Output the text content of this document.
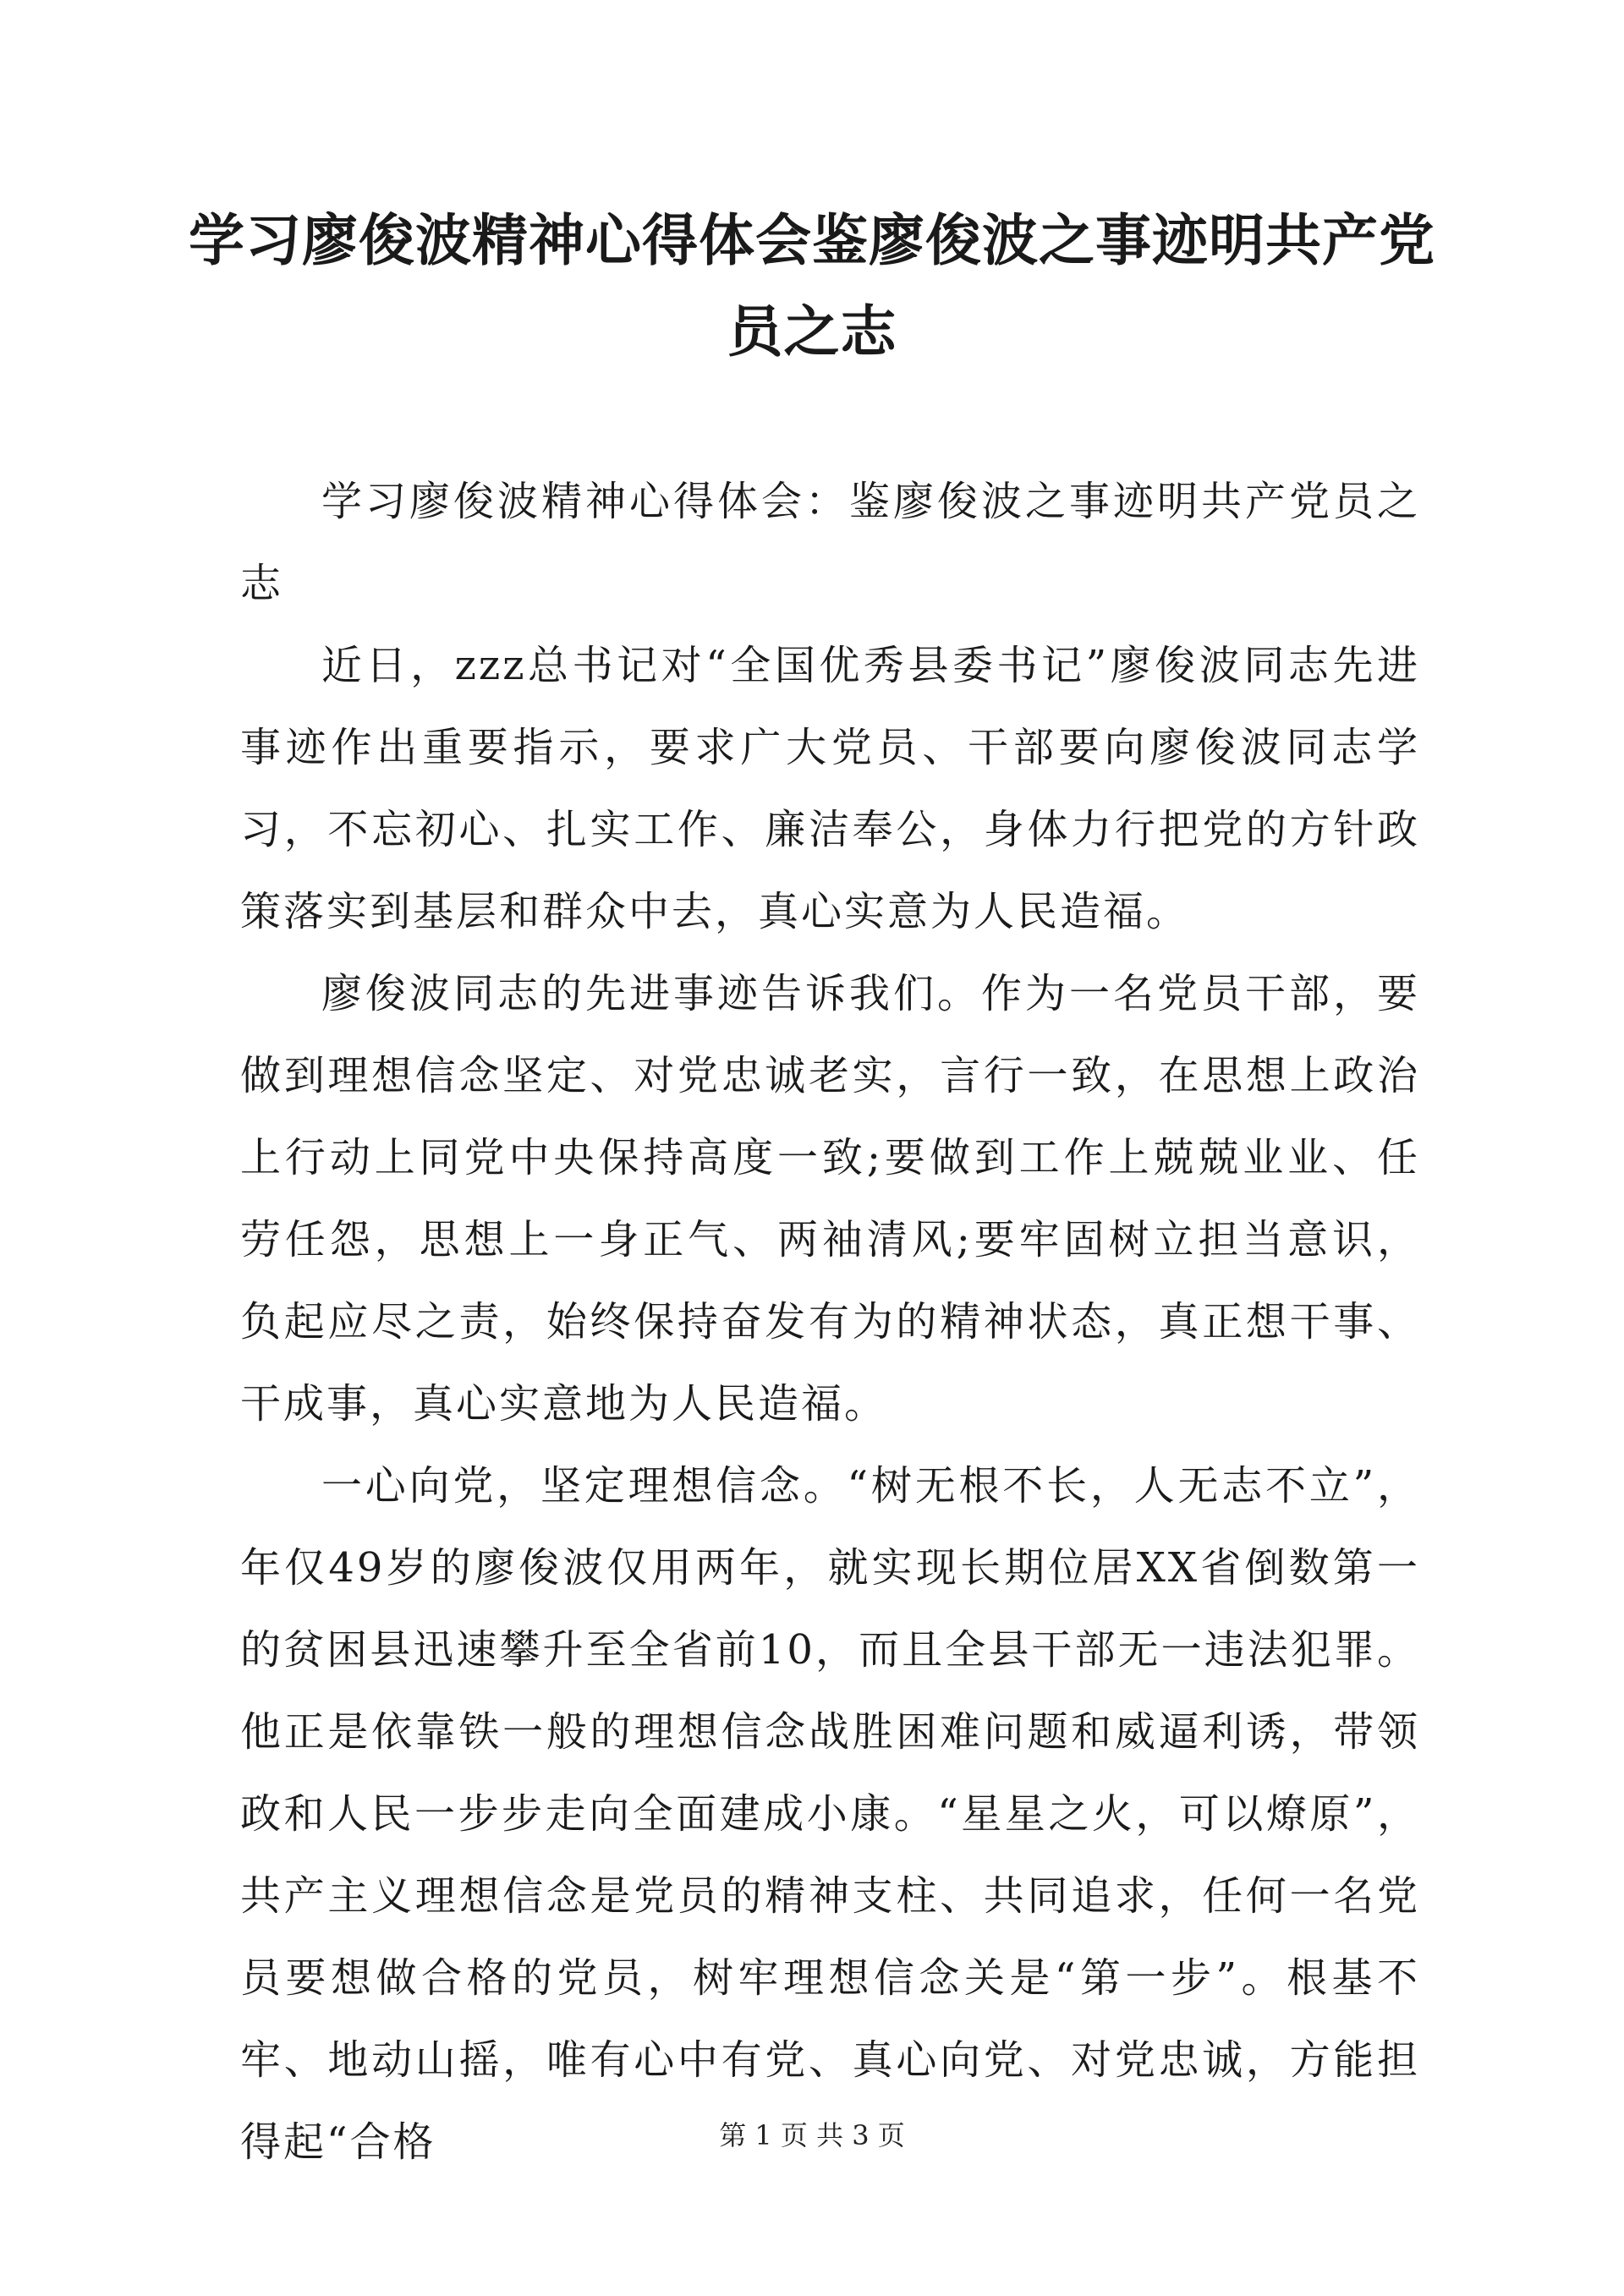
学习廖俊波精神心得体会鉴廖俊波之事迹明共产党员之志

学习廖俊波精神心得体会：鉴廖俊波之事迹明共产党员之志

近日，zzz总书记对“全国优秀县委书记”廖俊波同志先进事迹作出重要指示，要求广大党员、干部要向廖俊波同志学习，不忘初心、扎实工作、廉洁奉公，身体力行把党的方针政策落实到基层和群众中去，真心实意为人民造福。

廖俊波同志的先进事迹告诉我们。作为一名党员干部，要做到理想信念坚定、对党忠诚老实，言行一致，在思想上政治上行动上同党中央保持高度一致;要做到工作上兢兢业业、任劳任怨，思想上一身正气、两袖清风;要牢固树立担当意识，负起应尽之责，始终保持奋发有为的精神状态，真正想干事、干成事，真心实意地为人民造福。

一心向党，坚定理想信念。“树无根不长，人无志不立”，年仅49岁的廖俊波仅用两年，就实现长期位居XX省倒数第一的贫困县迅速攀升至全省前10，而且全县干部无一违法犯罪。他正是依靠铁一般的理想信念战胜困难问题和威逼利诱，带领政和人民一步步走向全面建成小康。“星星之火，可以燎原”，共产主义理想信念是党员的精神支柱、共同追求，任何一名党员要想做合格的党员，树牢理想信念关是“第一步”。根基不牢、地动山摇，唯有心中有党、真心向党、对党忠诚，方能担得起“合格	第 1 页 共 3 页
